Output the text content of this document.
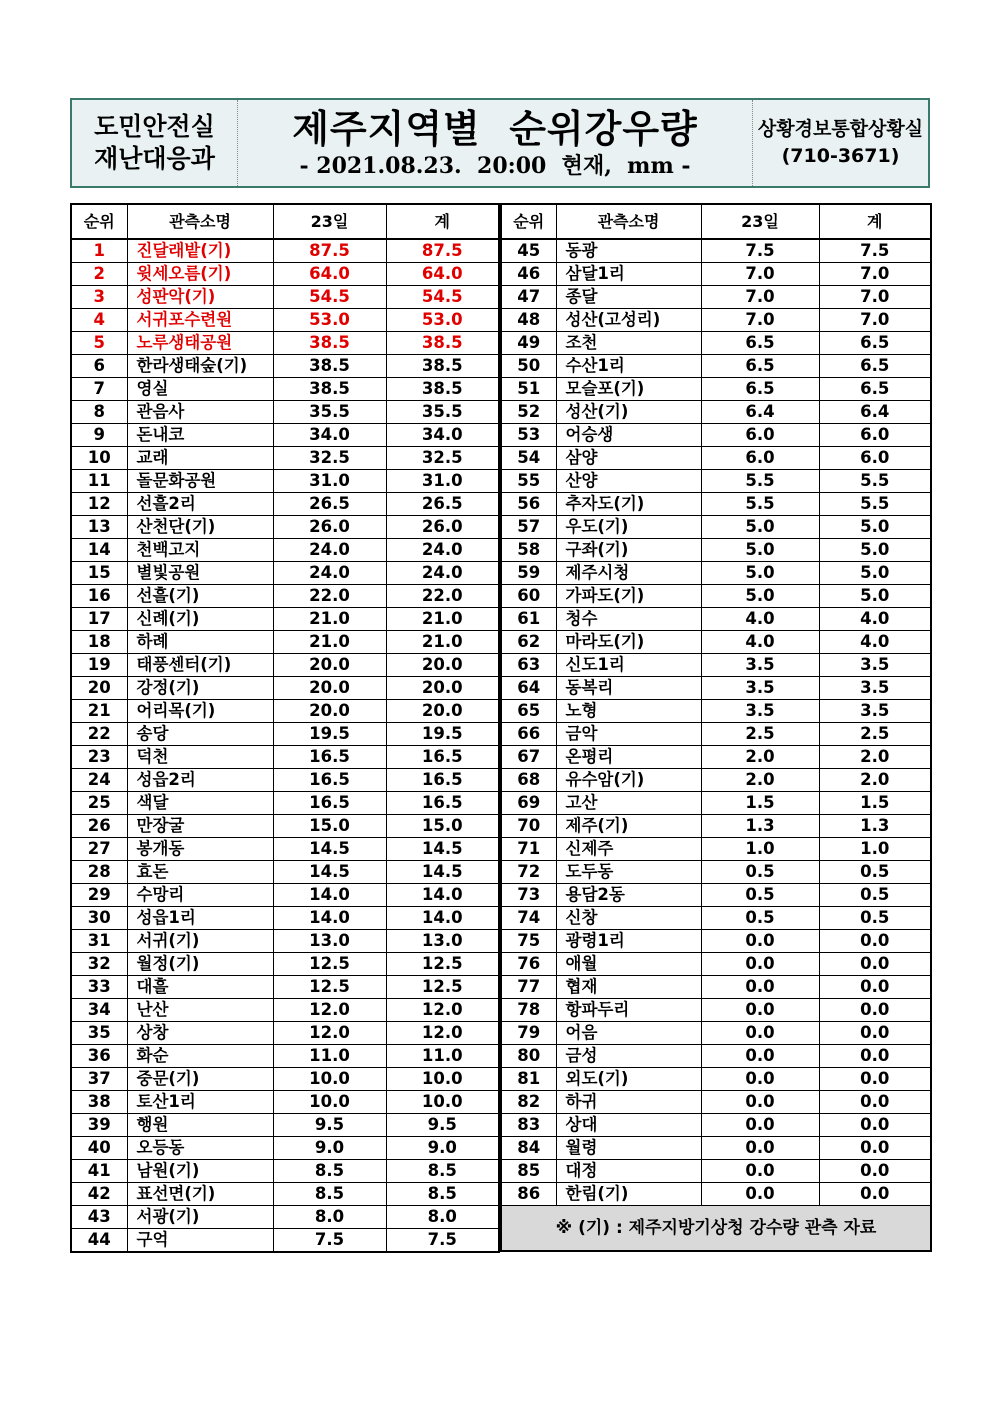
도민안전실
재난대응과
제주지역별  순위강우량
- 2021.08.23.  20:00  현재,  mm -
상황경보통합상황실
(710-3671)
순위	관측소명	23일	계
1	진달래밭(기)	87.5	87.5
2	윗세오름(기)	64.0	64.0
3	성판악(기)	54.5	54.5
4	서귀포수련원	53.0	53.0
5	노루생태공원	38.5	38.5
6	한라생태숲(기)	38.5	38.5
7	영실	38.5	38.5
8	관음사	35.5	35.5
9	돈내코	34.0	34.0
10	교래	32.5	32.5
11	돌문화공원	31.0	31.0
12	선흘2리	26.5	26.5
13	산천단(기)	26.0	26.0
14	천백고지	24.0	24.0
15	별빛공원	24.0	24.0
16	선흘(기)	22.0	22.0
17	신례(기)	21.0	21.0
18	하례	21.0	21.0
19	태풍센터(기)	20.0	20.0
20	강정(기)	20.0	20.0
21	어리목(기)	20.0	20.0
22	송당	19.5	19.5
23	덕천	16.5	16.5
24	성읍2리	16.5	16.5
25	색달	16.5	16.5
26	만장굴	15.0	15.0
27	봉개동	14.5	14.5
28	효돈	14.5	14.5
29	수망리	14.0	14.0
30	성읍1리	14.0	14.0
31	서귀(기)	13.0	13.0
32	월정(기)	12.5	12.5
33	대흘	12.5	12.5
34	난산	12.0	12.0
35	상창	12.0	12.0
36	화순	11.0	11.0
37	중문(기)	10.0	10.0
38	토산1리	10.0	10.0
39	행원	9.5	9.5
40	오등동	9.0	9.0
41	남원(기)	8.5	8.5
42	표선면(기)	8.5	8.5
43	서광(기)	8.0	8.0
44	구억	7.5	7.5
순위	관측소명	23일	계
45	동광	7.5	7.5
46	삼달1리	7.0	7.0
47	종달	7.0	7.0
48	성산(고성리)	7.0	7.0
49	조천	6.5	6.5
50	수산1리	6.5	6.5
51	모슬포(기)	6.5	6.5
52	성산(기)	6.4	6.4
53	어승생	6.0	6.0
54	삼양	6.0	6.0
55	산양	5.5	5.5
56	추자도(기)	5.5	5.5
57	우도(기)	5.0	5.0
58	구좌(기)	5.0	5.0
59	제주시청	5.0	5.0
60	가파도(기)	5.0	5.0
61	청수	4.0	4.0
62	마라도(기)	4.0	4.0
63	신도1리	3.5	3.5
64	동복리	3.5	3.5
65	노형	3.5	3.5
66	금악	2.5	2.5
67	온평리	2.0	2.0
68	유수암(기)	2.0	2.0
69	고산	1.5	1.5
70	제주(기)	1.3	1.3
71	신제주	1.0	1.0
72	도두동	0.5	0.5
73	용담2동	0.5	0.5
74	신창	0.5	0.5
75	광령1리	0.0	0.0
76	애월	0.0	0.0
77	협재	0.0	0.0
78	항파두리	0.0	0.0
79	어음	0.0	0.0
80	금성	0.0	0.0
81	외도(기)	0.0	0.0
82	하귀	0.0	0.0
83	상대	0.0	0.0
84	월령	0.0	0.0
85	대정	0.0	0.0
86	한림(기)	0.0	0.0
※ (기) : 제주지방기상청 강수량 관측 자료			
